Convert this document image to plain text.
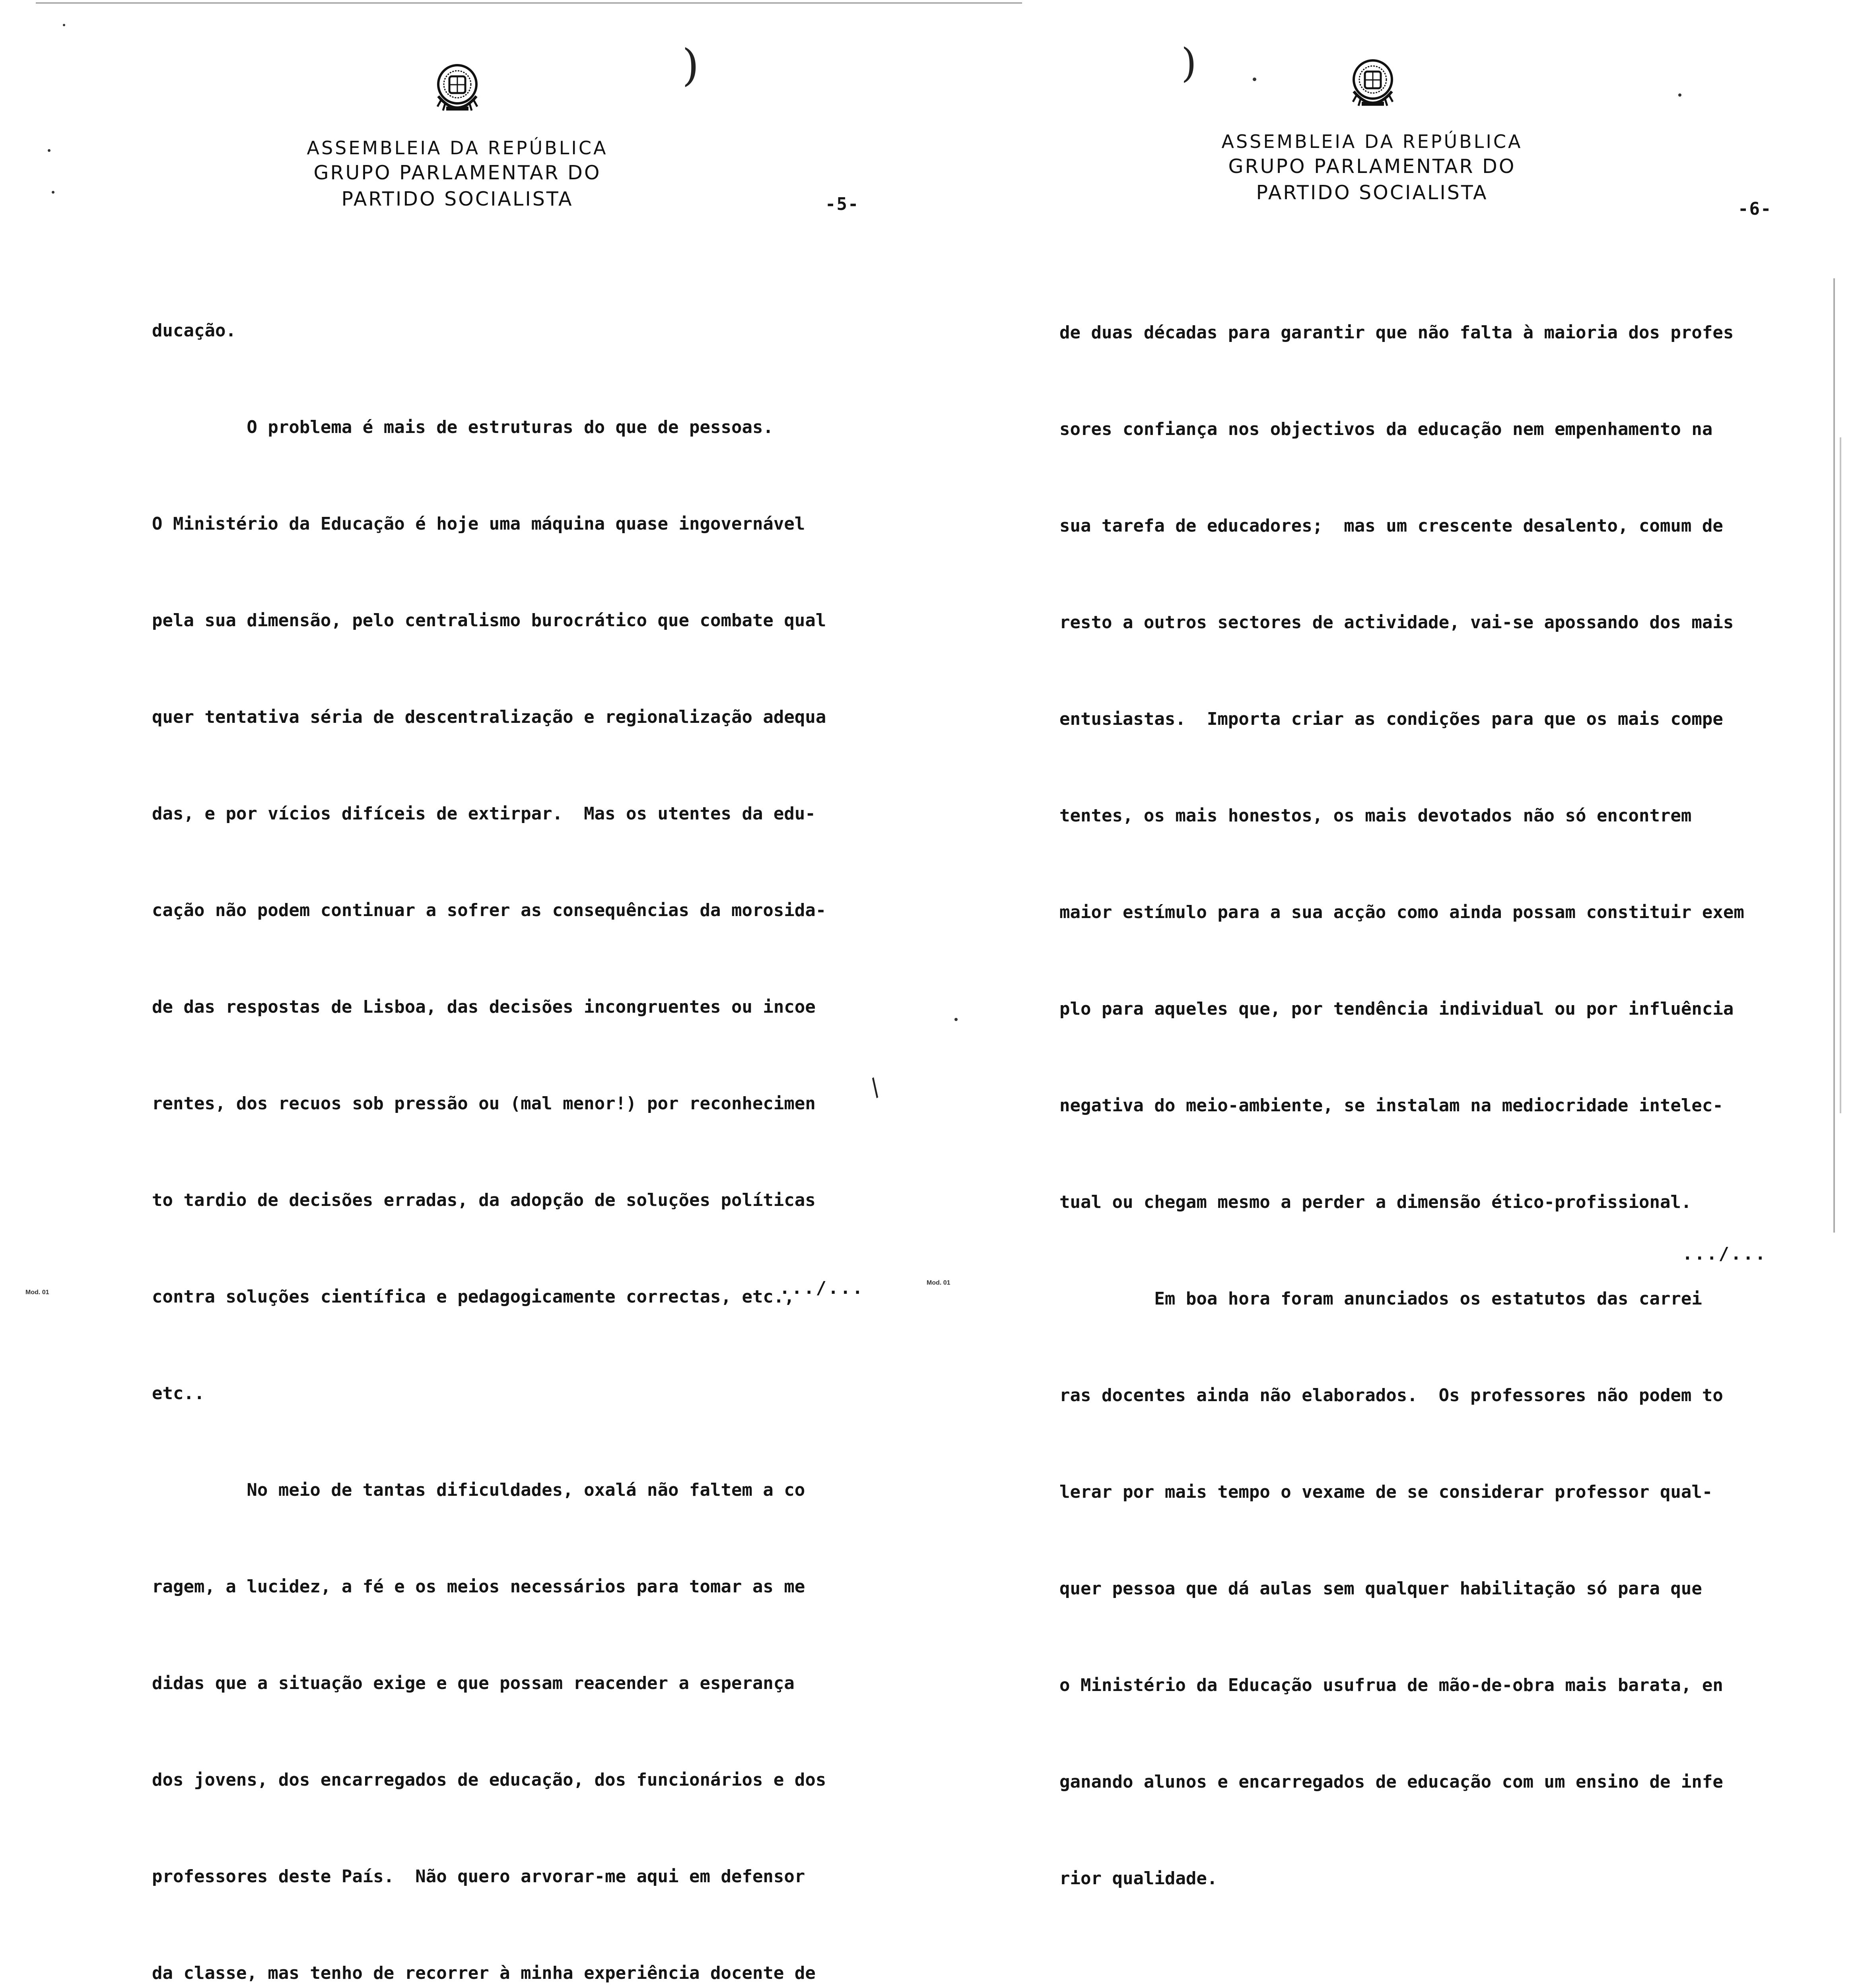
ASSEMBLEIA DA REPÚBLICA
GRUPO PARLAMENTAR DO
PARTIDO SOCIALISTA	-5-

ducação.

O problema é mais de estruturas do que de pessoas.

O Ministério da Educação é hoje uma máquina quase ingovernável

pela sua dimensão, pelo centralismo burocrático que combate qual

quer tentativa séria de descentralização e regionalização adequa

das, e por vícios difíceis de extirpar.  Mas os utentes da edu-

cação não podem continuar a sofrer as consequências da morosida-

de das respostas de Lisboa, das decisões incongruentes ou incoe

rentes, dos recuos sob pressão ou (mal menor!) por reconhecimen

to tardio de decisões erradas, da adopção de soluções políticas

contra soluções científica e pedagogicamente correctas, etc.,

etc..

No meio de tantas dificuldades, oxalá não faltem a co

ragem, a lucidez, a fé e os meios necessários para tomar as me

didas que a situação exige e que possam reacender a esperança

dos jovens, dos encarregados de educação, dos funcionários e dos

professores deste País.  Não quero arvorar-me aqui em defensor

da classe, mas tenho de recorrer à minha experiência docente de

.../...
Mod. 01
)
/
ASSEMBLEIA DA REPÚBLICA
GRUPO PARLAMENTAR DO
PARTIDO SOCIALISTA
-6-

de duas décadas para garantir que não falta à maioria dos profes

sores confiança nos objectivos da educação nem empenhamento na

sua tarefa de educadores;  mas um crescente desalento, comum de

resto a outros sectores de actividade, vai-se apossando dos mais

entusiastas.  Importa criar as condições para que os mais compe

tentes, os mais honestos, os mais devotados não só encontrem

maior estímulo para a sua acção como ainda possam constituir exem

plo para aqueles que, por tendência individual ou por influência

negativa do meio-ambiente, se instalam na mediocridade intelec-

tual ou chegam mesmo a perder a dimensão ético-profissional.

Em boa hora foram anunciados os estatutos das carrei

ras docentes ainda não elaborados.  Os professores não podem to

lerar por mais tempo o vexame de se considerar professor qual-

quer pessoa que dá aulas sem qualquer habilitação só para que

o Ministério da Educação usufrua de mão-de-obra mais barata, en

ganando alunos e encarregados de educação com um ensino de infe

rior qualidade.

.../...
Mod. 01
)
